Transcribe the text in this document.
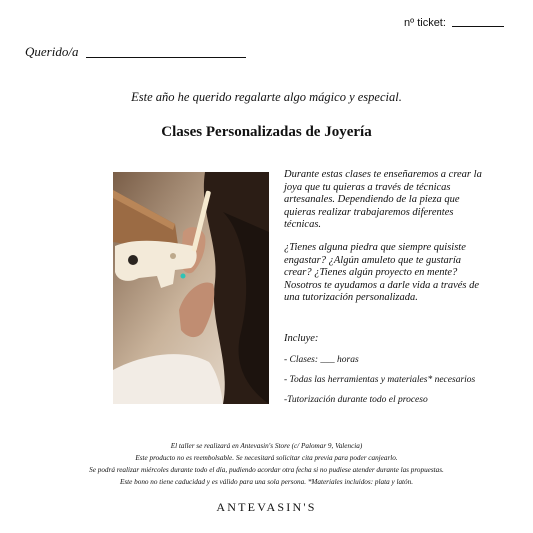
nº ticket:
Querido/a
Este año he querido regalarte algo mágico y especial.
Clases Personalizadas de Joyería
Durante estas clases te enseñaremos a crear la joya que tu quieras a través de técnicas artesanales. Dependiendo de la pieza que quieras realizar trabajaremos diferentes técnicas.
¿Tienes alguna piedra que siempre quisiste engastar? ¿Algún amuleto que te gustaría crear? ¿Tienes algún proyecto en mente? Nosotros te ayudamos a darle vida a través de una tutorización personalizada.
Incluye:
- Clases: ___ horas
- Todas las herramientas y materiales* necesarios
-Tutorización durante todo el proceso
El taller se realizará en Antevasin's Store (c/ Palomar 9, Valencia)
Este producto no es reembolsable. Se necesitará solicitar cita previa para poder canjearlo.
Se podrá realizar miércoles durante todo el día, pudiendo acordar otra fecha si no pudiese atender durante las propuestas.
Este bono no tiene caducidad y es válido para una sola persona. *Materiales incluidos: plata y latón.
ANTEVASIN'S
